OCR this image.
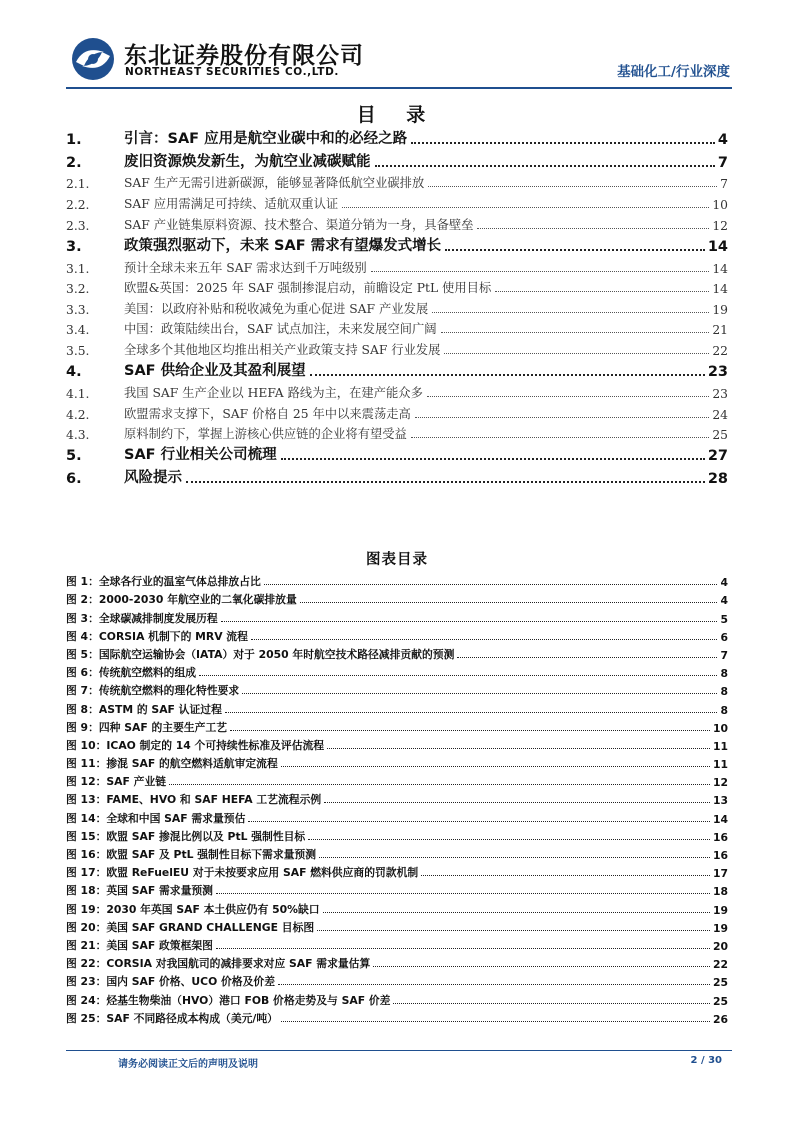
东北证券股份有限公司
NORTHEAST SECURITIES CO.,LTD.	基础化工/行业深度
目 录
1.	引言：SAF 应用是航空业碳中和的必经之路	4
2.	废旧资源焕发新生，为航空业减碳赋能	7
2.1.	SAF 生产无需引进新碳源，能够显著降低航空业碳排放	7
2.2.	SAF 应用需满足可持续、适航双重认证	10
2.3.	SAF 产业链集原料资源、技术整合、渠道分销为一身，具备壁垒	12
3.	政策强烈驱动下，未来 SAF 需求有望爆发式增长	14
3.1.	预计全球未来五年 SAF 需求达到千万吨级别	14
3.2.	欧盟&英国：2025 年 SAF 强制掺混启动，前瞻设定 PtL 使用目标	14
3.3.	美国：以政府补贴和税收减免为重心促进 SAF 产业发展	19
3.4.	中国：政策陆续出台，SAF 试点加注，未来发展空间广阔	21
3.5.	全球多个其他地区均推出相关产业政策支持 SAF 行业发展	22
4.	SAF 供给企业及其盈利展望	23
4.1.	我国 SAF 生产企业以 HEFA 路线为主，在建产能众多	23
4.2.	欧盟需求支撑下，SAF 价格自 25 年中以来震荡走高	24
4.3.	原料制约下，掌握上游核心供应链的企业将有望受益	25
5.	SAF 行业相关公司梳理	27
6.	风险提示	28
图表目录
图 1：全球各行业的温室气体总排放占比	4
图 2：2000-2030 年航空业的二氧化碳排放量	4
图 3：全球碳减排制度发展历程	5
图 4：CORSIA 机制下的 MRV 流程	6
图 5：国际航空运输协会（IATA）对于 2050 年时航空技术路径减排贡献的预测	7
图 6：传统航空燃料的组成	8
图 7：传统航空燃料的理化特性要求	8
图 8：ASTM 的 SAF 认证过程	8
图 9：四种 SAF 的主要生产工艺	10
图 10：ICAO 制定的 14 个可持续性标准及评估流程	11
图 11：掺混 SAF 的航空燃料适航审定流程	11
图 12：SAF 产业链	12
图 13：FAME、HVO 和 SAF HEFA 工艺流程示例	13
图 14：全球和中国 SAF 需求量预估	14
图 15：欧盟 SAF 掺混比例以及 PtL 强制性目标	16
图 16：欧盟 SAF 及 PtL 强制性目标下需求量预测	16
图 17：欧盟 ReFuelEU 对于未按要求应用 SAF 燃料供应商的罚款机制	17
图 18：英国 SAF 需求量预测	18
图 19：2030 年英国 SAF 本土供应仍有 50%缺口	19
图 20：美国 SAF GRAND CHALLENGE 目标图	19
图 21：美国 SAF 政策框架图	20
图 22：CORSIA 对我国航司的减排要求对应 SAF 需求量估算	22
图 23：国内 SAF 价格、UCO 价格及价差	25
图 24：烃基生物柴油（HVO）港口 FOB 价格走势及与 SAF 价差	25
图 25：SAF 不同路径成本构成（美元/吨）	26
请务必阅读正文后的声明及说明	2 / 30
